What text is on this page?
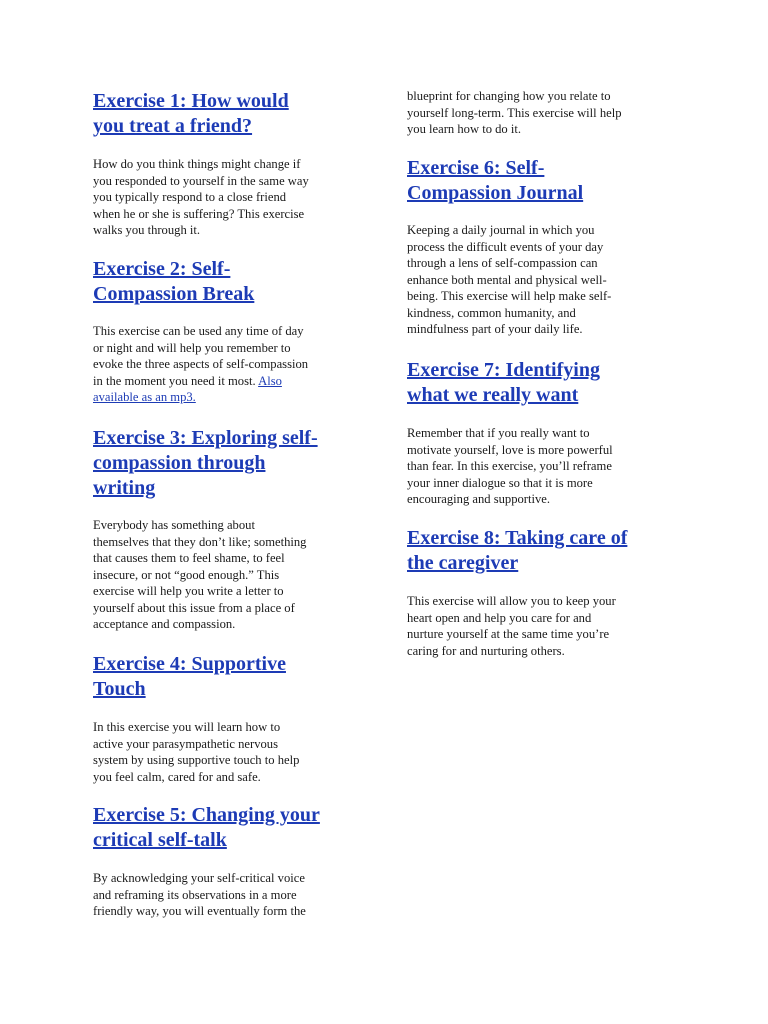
Exercise 1: How would
you treat a friend?
How do you think things might change if
you responded to yourself in the same way
you typically respond to a close friend
when he or she is suffering? This exercise
walks you through it.
Exercise 2: Self-
Compassion Break
This exercise can be used any time of day
or night and will help you remember to
evoke the three aspects of self-compassion
in the moment you need it most. Also
available as an mp3.
Exercise 3: Exploring self-
compassion through
writing
Everybody has something about
themselves that they don’t like; something
that causes them to feel shame, to feel
insecure, or not “good enough.” This
exercise will help you write a letter to
yourself about this issue from a place of
acceptance and compassion.
Exercise 4: Supportive
Touch
In this exercise you will learn how to
active your parasympathetic nervous
system by using supportive touch to help
you feel calm, cared for and safe.
Exercise 5: Changing your
critical self-talk
By acknowledging your self-critical voice
and reframing its observations in a more
friendly way, you will eventually form the
blueprint for changing how you relate to
yourself long-term. This exercise will help
you learn how to do it.
Exercise 6: Self-
Compassion Journal
Keeping a daily journal in which you
process the difficult events of your day
through a lens of self-compassion can
enhance both mental and physical well-
being. This exercise will help make self-
kindness, common humanity, and
mindfulness part of your daily life.
Exercise 7: Identifying
what we really want
Remember that if you really want to
motivate yourself, love is more powerful
than fear. In this exercise, you’ll reframe
your inner dialogue so that it is more
encouraging and supportive.
Exercise 8: Taking care of
the caregiver
This exercise will allow you to keep your
heart open and help you care for and
nurture yourself at the same time you’re
caring for and nurturing others.
